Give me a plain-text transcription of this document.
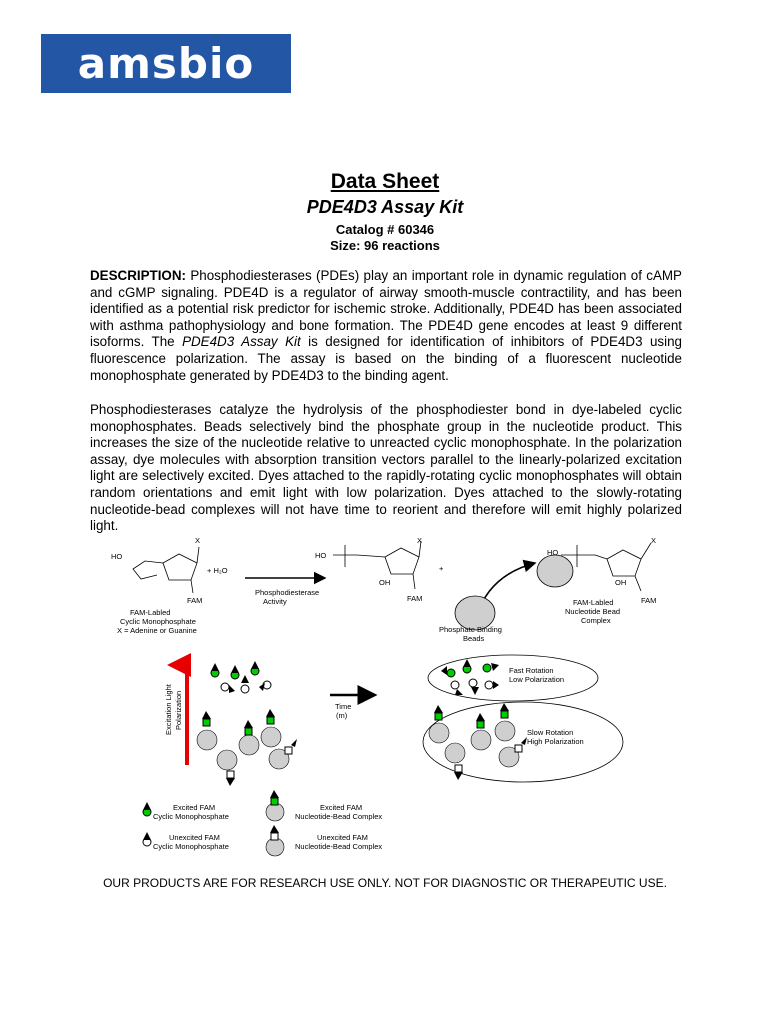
amsbio
Data Sheet
PDE4D3 Assay Kit
Catalog # 60346
Size: 96 reactions
DESCRIPTION: Phosphodiesterases (PDEs) play an important role in dynamic regulation of cAMP and cGMP signaling. PDE4D is a regulator of airway smooth-muscle contractility, and has been identified as a potential risk predictor for ischemic stroke. Additionally, PDE4D has been associated with asthma pathophysiology and bone formation. The PDE4D gene encodes at least 9 different isoforms. The PDE4D3 Assay Kit is designed for identification of inhibitors of PDE4D3 using fluorescence polarization. The assay is based on the binding of a fluorescent nucleotide monophosphate generated by PDE4D3 to the binding agent.
Phosphodiesterases catalyze the hydrolysis of the phosphodiester bond in dye-labeled cyclic monophosphates. Beads selectively bind the phosphate group in the nucleotide product. This increases the size of the nucleotide relative to unreacted cyclic monophosphate. In the polarization assay, dye molecules with absorption transition vectors parallel to the linearly-polarized excitation light are selectively excited. Dyes attached to the rapidly-rotating cyclic monophosphates will obtain random orientations and emit light with low polarization. Dyes attached to the slowly-rotating nucleotide-bead complexes will not have time to reorient and therefore will emit highly polarized light.
HO
X
FAM
+ H₂O
Phosphodiesterase
Activity
FAM-Labled
Cyclic Monophosphate
X = Adenine or Guanine
HO
X
OH
FAM
+
Phosphate Binding
Beads
HO
X
OH
FAM
FAM-Labled
Nucleotide Bead
Complex
Excitation Light Polarization	Time
(m)
Fast Rotation
Low Polarization
Slow Rotation
High Polarization
Excited FAM
Cyclic Monophosphate
Excited FAM
Nucleotide-Bead Complex
Unexcited FAM
Cyclic Monophosphate
Unexcited FAM
Nucleotide-Bead Complex
OUR PRODUCTS ARE FOR RESEARCH USE ONLY. NOT FOR DIAGNOSTIC OR THERAPEUTIC USE.
